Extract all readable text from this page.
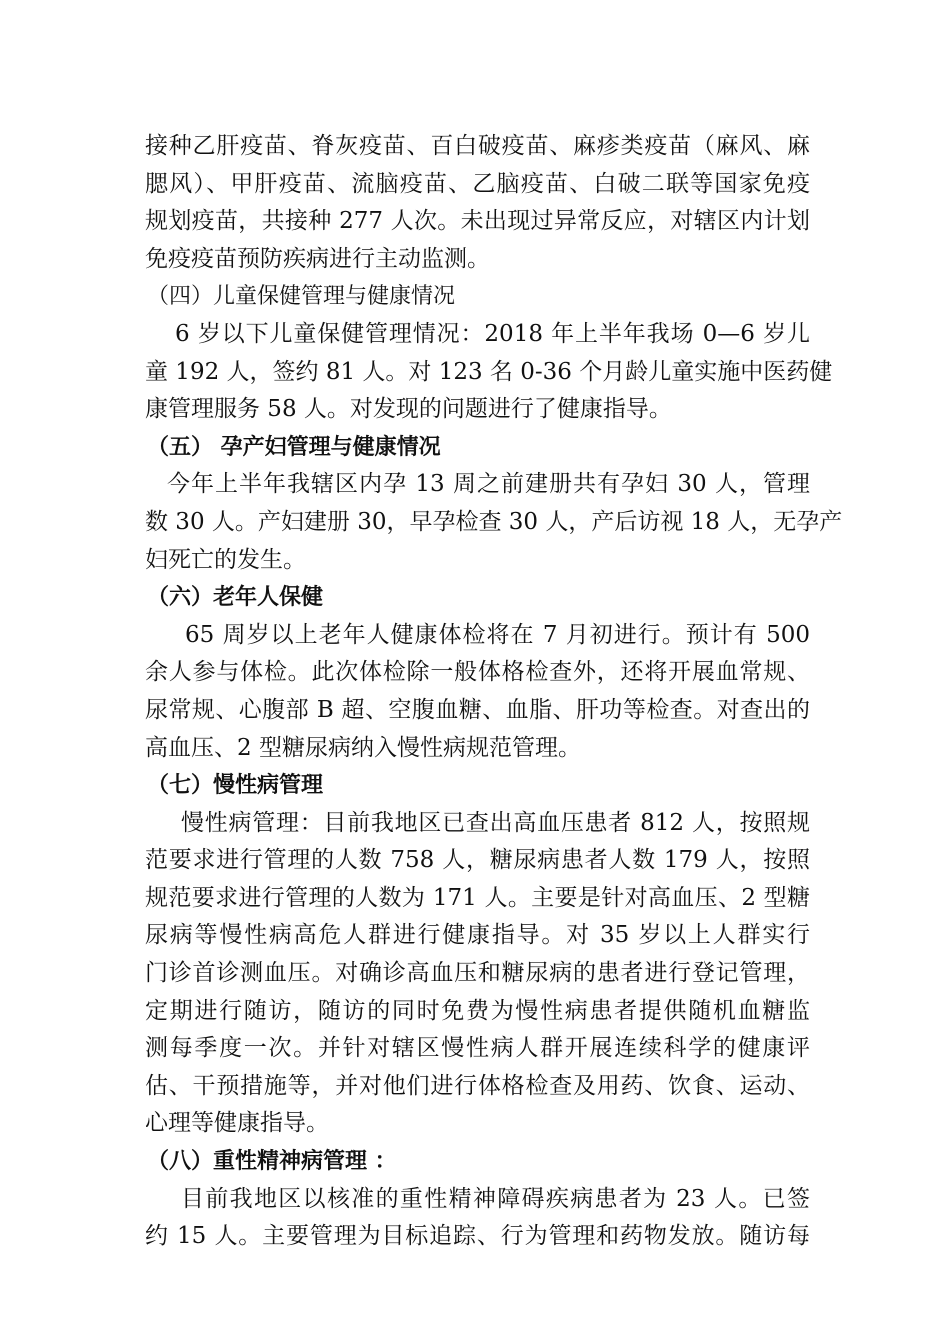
接种乙肝疫苗、脊灰疫苗、百白破疫苗、麻疹类疫苗（麻风、麻
腮风）、甲肝疫苗、流脑疫苗、乙脑疫苗、白破二联等国家免疫
规划疫苗，共接种 277 人次。未出现过异常反应，对辖区内计划
免疫疫苗预防疾病进行主动监测。
（四）儿童保健管理与健康情况
6 岁以下儿童保健管理情况：2018 年上半年我场 0—6 岁儿
童 192 人，签约 81 人。对 123 名 0-36 个月龄儿童实施中医药健
康管理服务 58 人。对发现的问题进行了健康指导。
（五） 孕产妇管理与健康情况
今年上半年我辖区内孕 13 周之前建册共有孕妇 30 人，管理
数 30 人。产妇建册 30，早孕检查 30 人，产后访视 18 人，无孕产
妇死亡的发生。
（六）老年人保健
65 周岁以上老年人健康体检将在 7 月初进行。预计有 500
余人参与体检。此次体检除一般体格检查外，还将开展血常规、
尿常规、心腹部 B 超、空腹血糖、血脂、肝功等检查。对查出的
高血压、2 型糖尿病纳入慢性病规范管理。
（七）慢性病管理
慢性病管理：目前我地区已查出高血压患者 812 人，按照规
范要求进行管理的人数 758 人，糖尿病患者人数 179 人，按照
规范要求进行管理的人数为 171 人。主要是针对高血压、2 型糖
尿病等慢性病高危人群进行健康指导。对 35 岁以上人群实行
门诊首诊测血压。对确诊高血压和糖尿病的患者进行登记管理，
定期进行随访，随访的同时免费为慢性病患者提供随机血糖监
测每季度一次。并针对辖区慢性病人群开展连续科学的健康评
估、干预措施等，并对他们进行体格检查及用药、饮食、运动、
心理等健康指导。
（八）重性精神病管理 ：
目前我地区以核准的重性精神障碍疾病患者为 23 人。已签
约 15 人。主要管理为目标追踪、行为管理和药物发放。随访每
